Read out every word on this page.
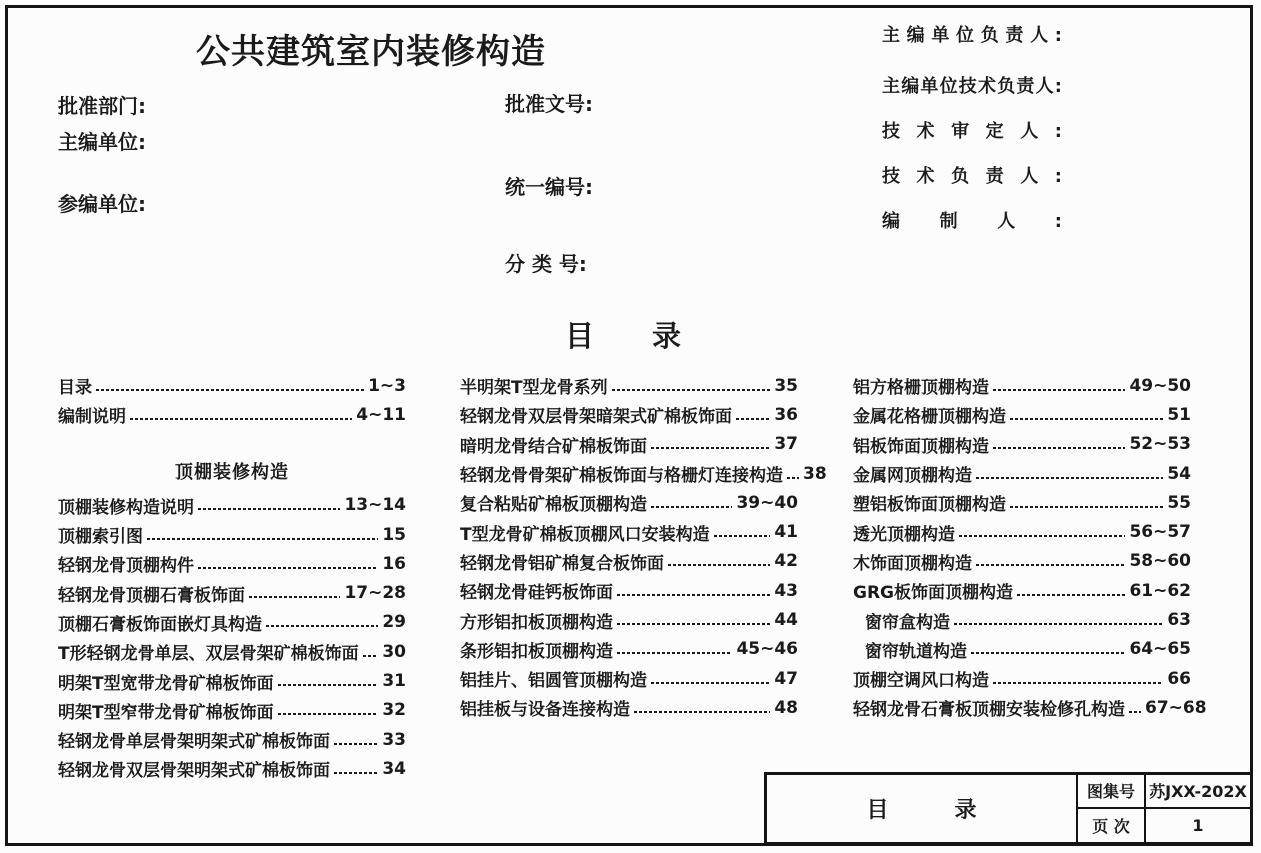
公共建筑室内装修构造
批准部门:
主编单位:
参编单位:
批准文号:
统一编号:
分 类 号:
主编单位负责人:
主编单位技术负责人:
技术审定人:
技术负责人:
编制人:
目　　录
目录	1~3
编制说明	4~11
顶棚装修构造
顶棚装修构造说明	13~14
顶棚索引图	15
轻钢龙骨顶棚构件	16
轻钢龙骨顶棚石膏板饰面	17~28
顶棚石膏板饰面嵌灯具构造	29
T形轻钢龙骨单层、双层骨架矿棉板饰面 30
明架T型宽带龙骨矿棉板饰面	31
明架T型窄带龙骨矿棉板饰面	32
轻钢龙骨单层骨架明架式矿棉板饰面	33
轻钢龙骨双层骨架明架式矿棉板饰面	34
半明架T型龙骨系列	35
轻钢龙骨双层骨架暗架式矿棉板饰面 36
暗明龙骨结合矿棉板饰面	37
轻钢龙骨骨架矿棉板饰面与格栅灯连接构造 38
复合粘贴矿棉板顶棚构造	39~40
T型龙骨矿棉板顶棚风口安装构造	41
轻钢龙骨铝矿棉复合板饰面	42
轻钢龙骨硅钙板饰面	43
方形铝扣板顶棚构造	44
条形铝扣板顶棚构造	45~46
铝挂片、铝圆管顶棚构造	47
铝挂板与设备连接构造	48
铝方格栅顶棚构造	49~50
金属花格栅顶棚构造	51
铝板饰面顶棚构造	52~53
金属网顶棚构造	54
塑铝板饰面顶棚构造	55
透光顶棚构造	56~57
木饰面顶棚构造	58~60
GRG板饰面顶棚构造	61~62
窗帘盒构造	63
窗帘轨道构造	64~65
顶棚空调风口构造	66
轻钢龙骨石膏板顶棚安装检修孔构造 67~68
目　　　录
图集号 苏JXX-202X
页 次	1
